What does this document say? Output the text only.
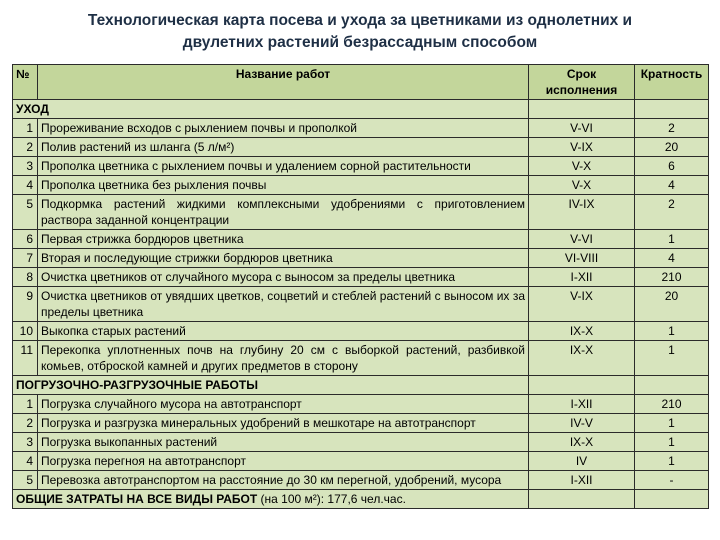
Технологическая карта посева и ухода за цветниками из однолетних и двулетних растений безрассадным способом
№	Название работ	Срок исполнения	Кратность
УХОД			
1	Прореживание всходов с рыхлением почвы и прополкой	V-VI	2
2	Полив растений из шланга (5 л/м²)	V-IX	20
3	Прополка цветника с рыхлением почвы и удалением сорной растительности	V-X	6
4	Прополка цветника без рыхления почвы	V-X	4
5	Подкормка растений жидкими комплексными удобрениями с приготовлением раствора заданной концентрации	IV-IX	2
6	Первая стрижка бордюров цветника	V-VI	1
7	Вторая и последующие стрижки бордюров цветника	VI-VIII	4
8	Очистка цветников от случайного мусора с выносом за пределы цветника	I-XII	210
9	Очистка цветников от увядших цветков, соцветий и стеблей растений с выносом их за пределы цветника	V-IX	20
10	Выкопка старых растений	IX-X	1
11	Перекопка уплотненных почв на глубину 20 см с выборкой растений, разбивкой комьев, отброской камней и других предметов в сторону	IX-X	1
ПОГРУЗОЧНО-РАЗГРУЗОЧНЫЕ РАБОТЫ			
1	Погрузка случайного мусора на автотранспорт	I-XII	210
2	Погрузка и разгрузка минеральных удобрений в мешкотаре на автотранспорт	IV-V	1
3	Погрузка выкопанных растений	IX-X	1
4	Погрузка перегноя на автотранспорт	IV	1
5	Перевозка автотранспортом на расстояние до 30 км перегной, удобрений, мусора	I-XII	-
ОБЩИЕ ЗАТРАТЫ НА ВСЕ ВИДЫ РАБОТ (на 100 м²): 177,6 чел.час.			
